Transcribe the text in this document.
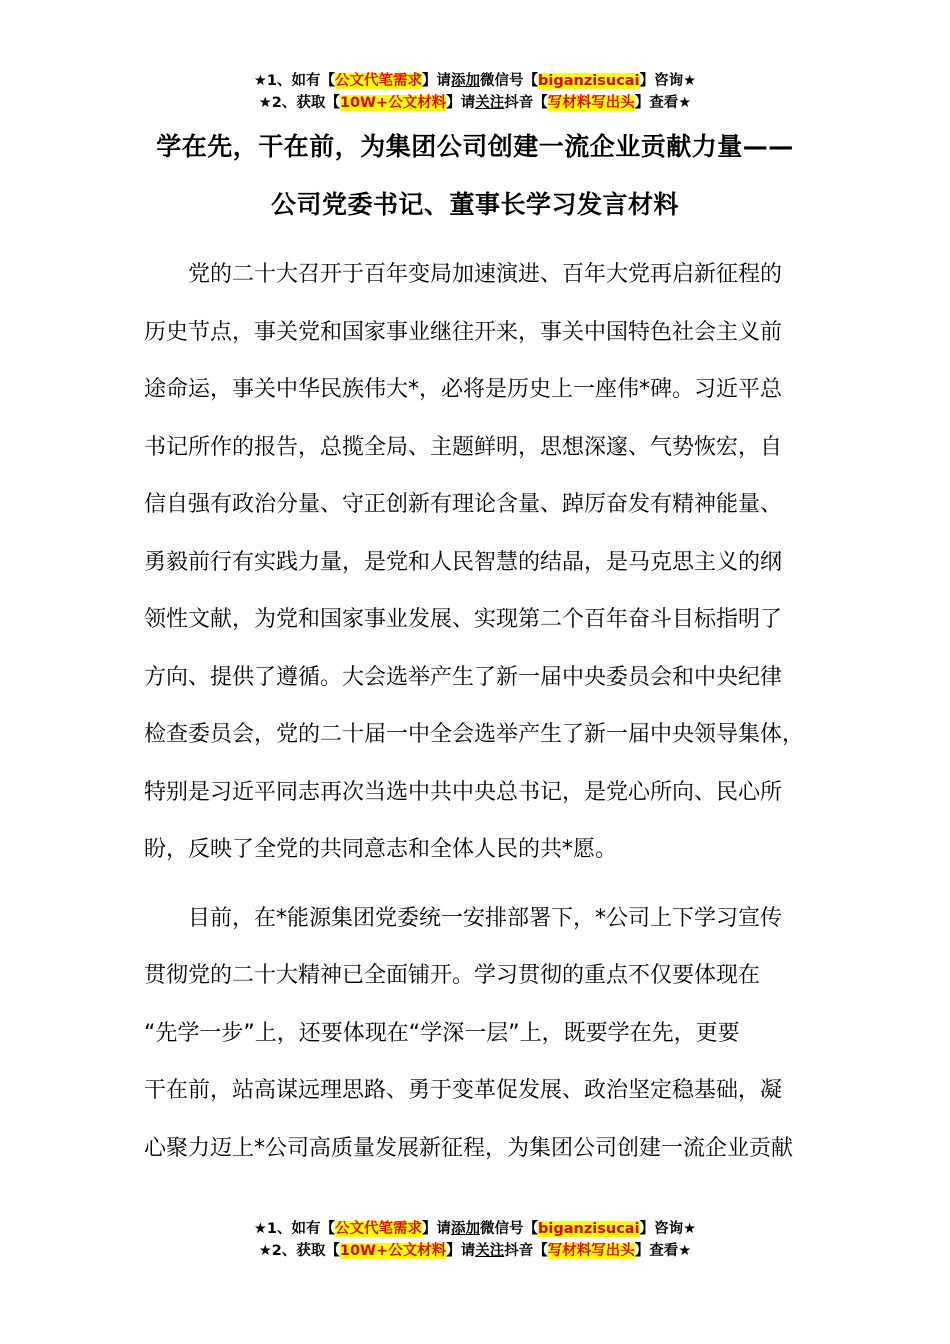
★1、如有【公文代笔需求】请添加微信号【biganzisucai】咨询★
★2、获取【10W+公文材料】请关注抖音【写材料写出头】查看★
学在先，干在前，为集团公司创建一流企业贡献力量——
公司党委书记、董事长学习发言材料

党的二十大召开于百年变局加速演进、百年大党再启新征程的

历史节点，事关党和国家事业继往开来，事关中国特色社会主义前

途命运，事关中华民族伟大*，必将是历史上一座伟*碑。习近平总

书记所作的报告，总揽全局、主题鲜明，思想深邃、气势恢宏，自

信自强有政治分量、守正创新有理论含量、踔厉奋发有精神能量、

勇毅前行有实践力量，是党和人民智慧的结晶，是马克思主义的纲

领性文献，为党和国家事业发展、实现第二个百年奋斗目标指明了

方向、提供了遵循。大会选举产生了新一届中央委员会和中央纪律

检查委员会，党的二十届一中全会选举产生了新一届中央领导集体，

特别是习近平同志再次当选中共中央总书记，是党心所向、民心所

盼，反映了全党的共同意志和全体人民的共*愿。

目前，在*能源集团党委统一安排部署下，*公司上下学习宣传

贯彻党的二十大精神已全面铺开。学习贯彻的重点不仅要体现在

“先学一步”上，还要体现在“学深一层”上，既要学在先，更要

干在前，站高谋远理思路、勇于变革促发展、政治坚定稳基础，凝

心聚力迈上*公司高质量发展新征程，为集团公司创建一流企业贡献

★1、如有【公文代笔需求】请添加微信号【biganzisucai】咨询★
★2、获取【10W+公文材料】请关注抖音【写材料写出头】查看★
